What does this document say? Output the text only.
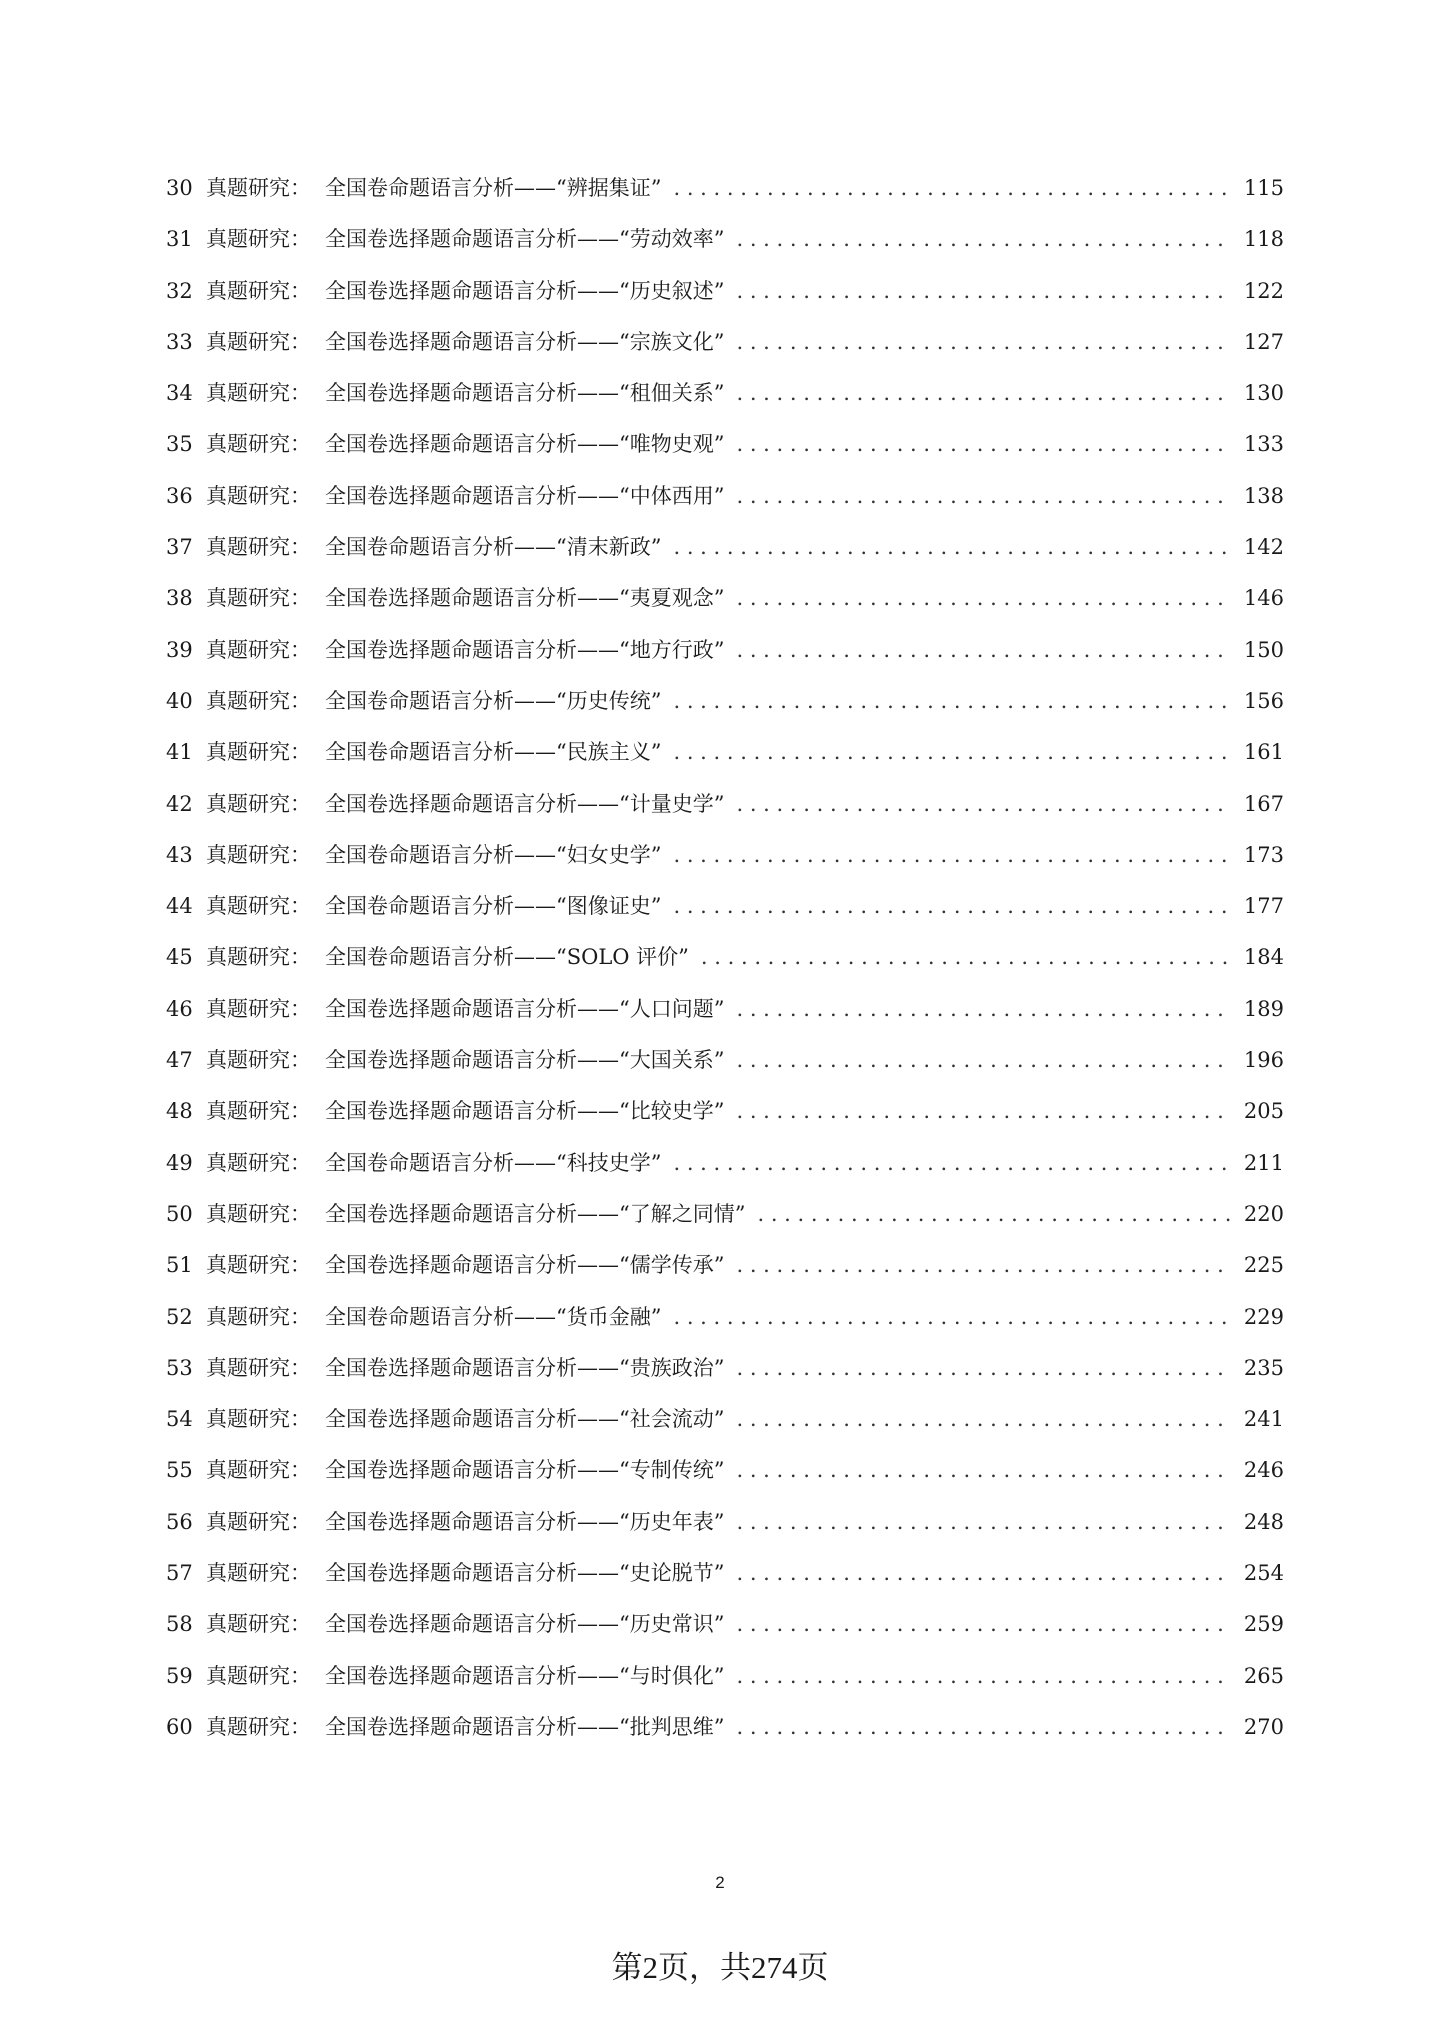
30 真题研究： 全国卷命题语言分析——“辨据集证” . . .	115
31 真题研究： 全国卷选择题命题语言分析——“劳动效率” . . .	118
32 真题研究： 全国卷选择题命题语言分析——“历史叙述” . . .	122
33 真题研究： 全国卷选择题命题语言分析——“宗族文化” . . .	127
34 真题研究： 全国卷选择题命题语言分析——“租佃关系” . . .	130
35 真题研究： 全国卷选择题命题语言分析——“唯物史观” . . .	133
36 真题研究： 全国卷选择题命题语言分析——“中体西用” . . .	138
37 真题研究： 全国卷命题语言分析——“清末新政” . . .	142
38 真题研究： 全国卷选择题命题语言分析——“夷夏观念” . . .	146
39 真题研究： 全国卷选择题命题语言分析——“地方行政” . . .	150
40 真题研究： 全国卷命题语言分析——“历史传统” . . .	156
41 真题研究： 全国卷命题语言分析——“民族主义” . . .	161
42 真题研究： 全国卷选择题命题语言分析——“计量史学” . . .	167
43 真题研究： 全国卷命题语言分析——“妇女史学” . . .	173
44 真题研究： 全国卷命题语言分析——“图像证史” . . .	177
45 真题研究： 全国卷命题语言分析——“SOLO 评价” . . .	184
46 真题研究： 全国卷选择题命题语言分析——“人口问题” . . .	189
47 真题研究： 全国卷选择题命题语言分析——“大国关系” . . .	196
48 真题研究： 全国卷选择题命题语言分析——“比较史学” . . .	205
49 真题研究： 全国卷命题语言分析——“科技史学” . . .	211
50 真题研究： 全国卷选择题命题语言分析——“了解之同情” . . .	220
51 真题研究： 全国卷选择题命题语言分析——“儒学传承” . . .	225
52 真题研究： 全国卷命题语言分析——“货币金融” . . .	229
53 真题研究： 全国卷选择题命题语言分析——“贵族政治” . . .	235
54 真题研究： 全国卷选择题命题语言分析——“社会流动” . . .	241
55 真题研究： 全国卷选择题命题语言分析——“专制传统” . . .	246
56 真题研究： 全国卷选择题命题语言分析——“历史年表” . . .	248
57 真题研究： 全国卷选择题命题语言分析——“史论脱节” . . .	254
58 真题研究： 全国卷选择题命题语言分析——“历史常识” . . .	259
59 真题研究： 全国卷选择题命题语言分析——“与时俱化” . . .	265
60 真题研究： 全国卷选择题命题语言分析——“批判思维” . . .	270
2
第2页，共274页
